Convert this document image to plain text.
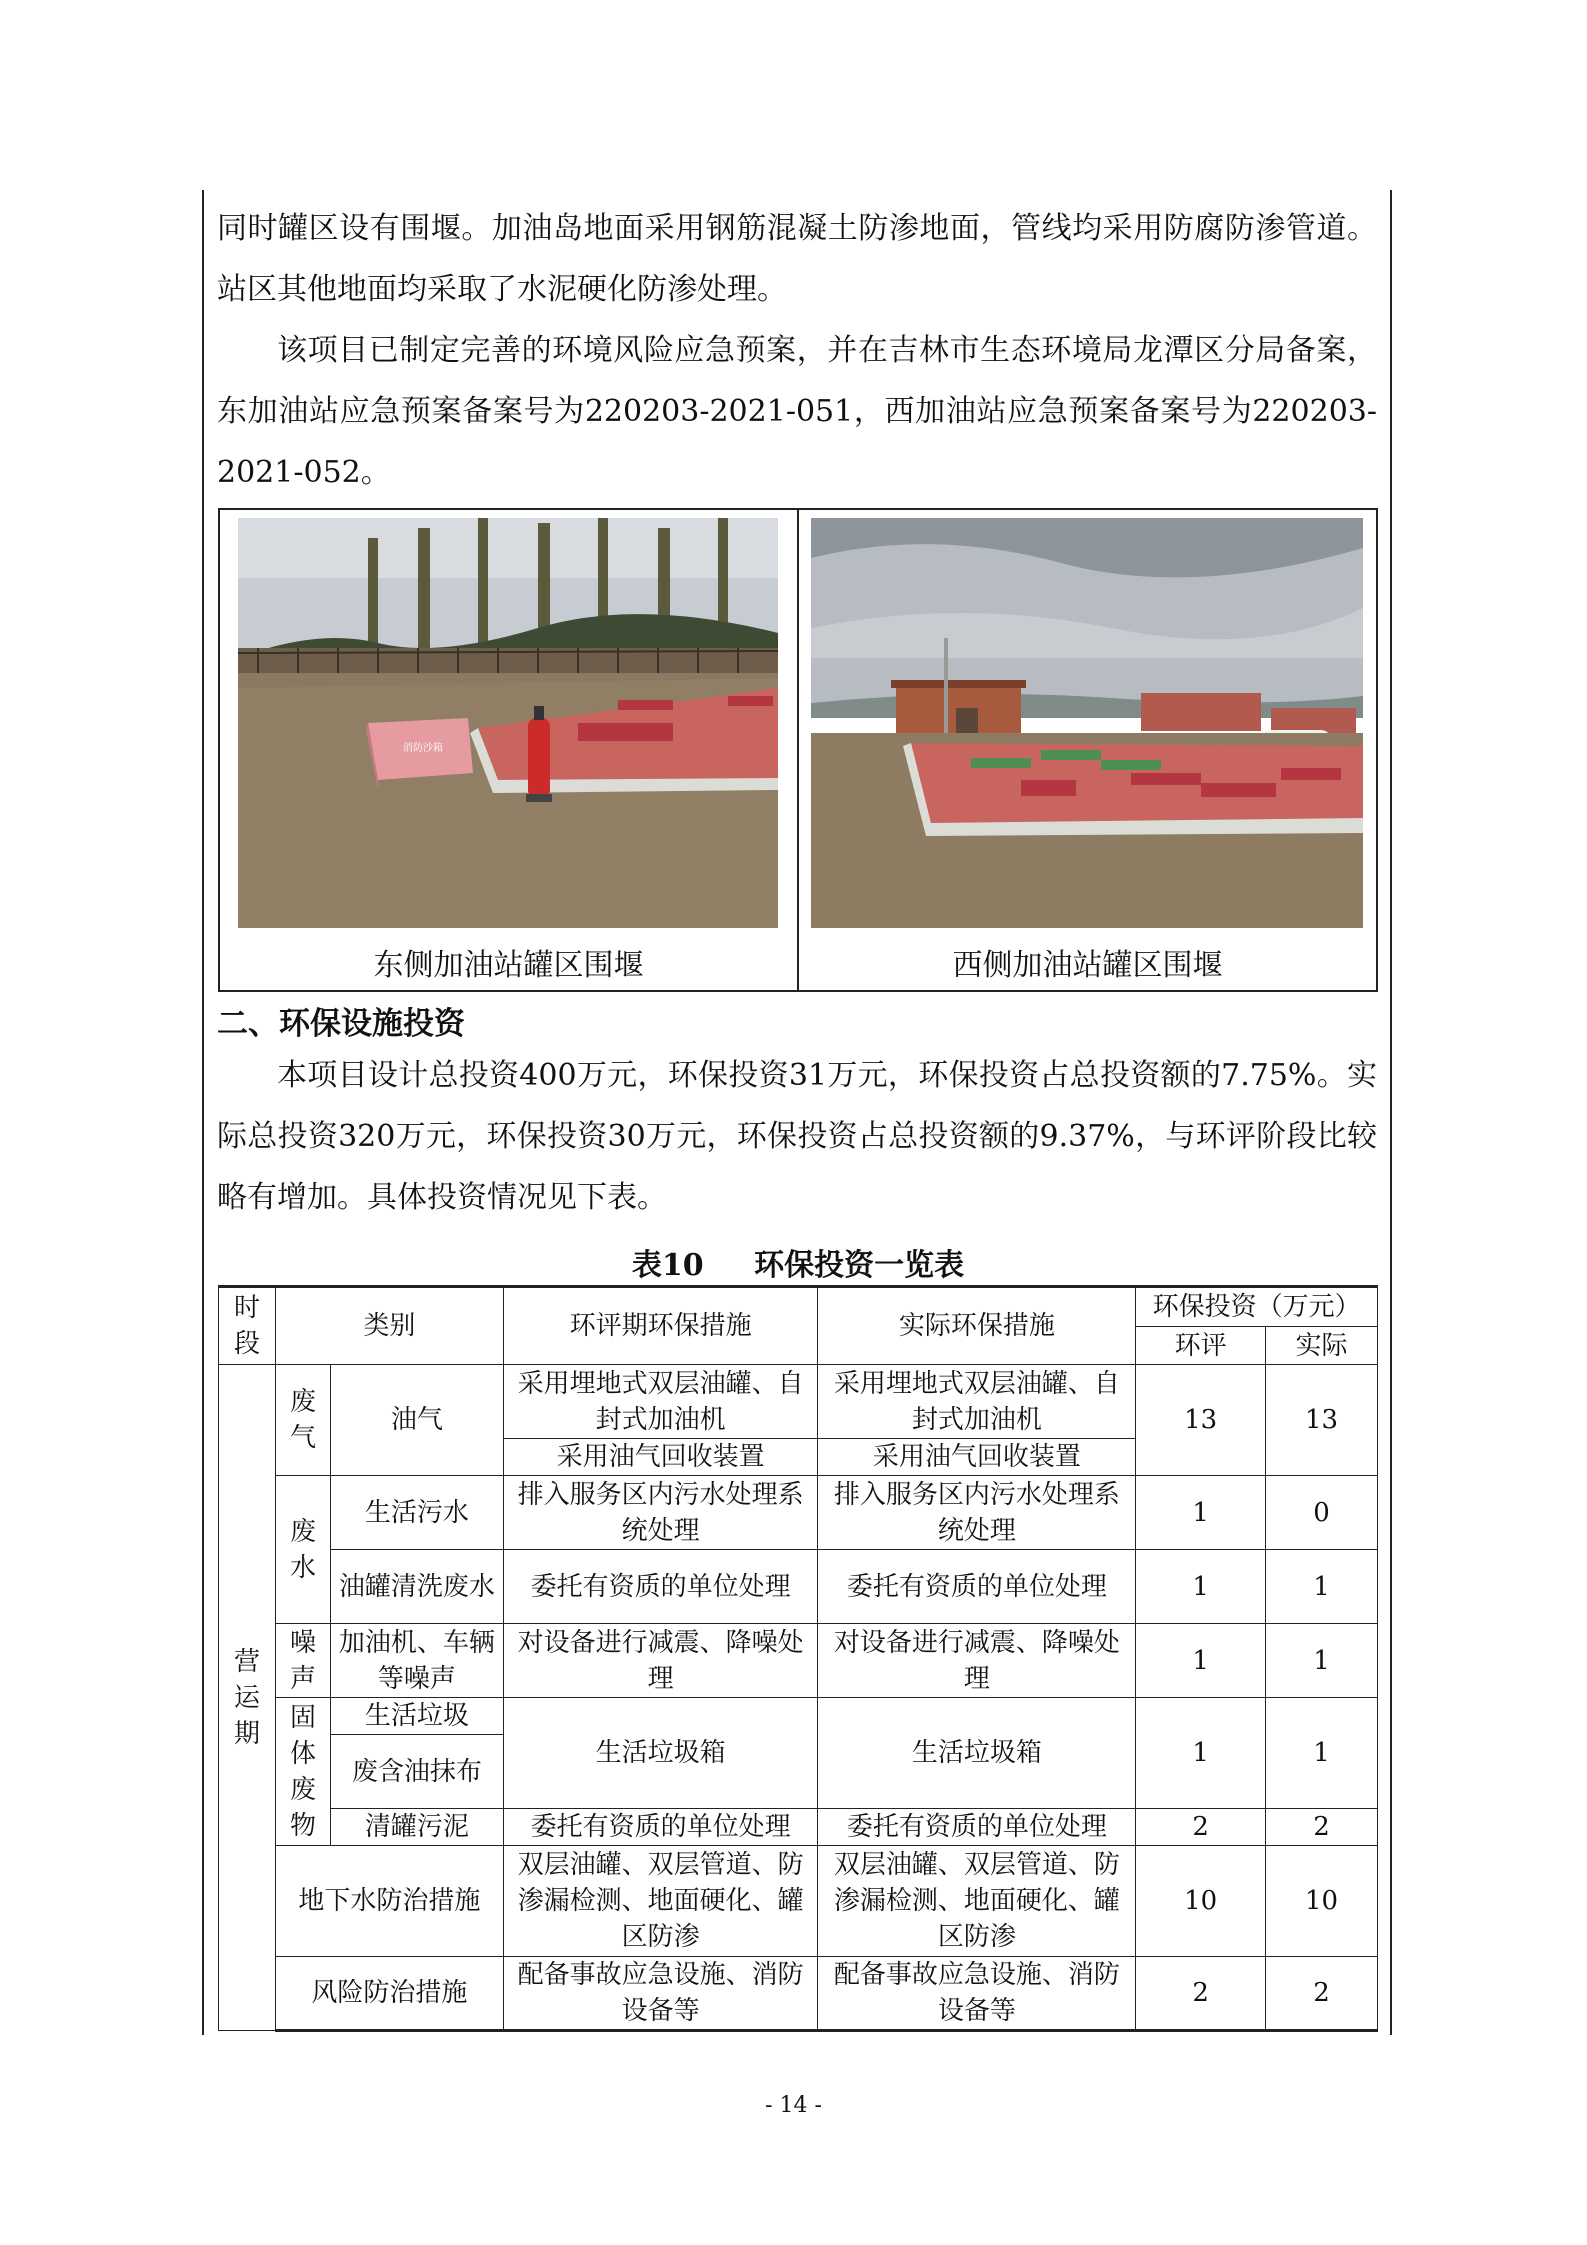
同时罐区设有围堰。加油岛地面采用钢筋混凝土防渗地面，管线均采用防腐防渗管道。站区其他地面均采取了水泥硬化防渗处理。

该项目已制定完善的环境风险应急预案，并在吉林市生态环境局龙潭区分局备案，东加油站应急预案备案号为220203-2021-051，西加油站应急预案备案号为220203-2021-052。

消防沙箱
东侧加油站罐区围堰	西侧加油站罐区围堰
二、环保设施投资

本项目设计总投资400万元，环保投资31万元，环保投资占总投资额的7.75%。实际总投资320万元，环保投资30万元，环保投资占总投资额的9.37%，与环评阶段比较略有增加。具体投资情况见下表。

表10 环保投资一览表
时段	类别		环评期环保措施	实际环保措施	环保投资（万元）	
					环评	实际
营运期	废气	油气	采用埋地式双层油罐、自封式加油机	采用埋地式双层油罐、自封式加油机	13	13
			采用油气回收装置	采用油气回收装置		
	废水	生活污水	排入服务区内污水处理系统处理	排入服务区内污水处理系统处理	1	0
		油罐清洗废水	委托有资质的单位处理	委托有资质的单位处理	1	1
	噪声	加油机、车辆等噪声	对设备进行减震、降噪处理	对设备进行减震、降噪处理	1	1
	固体废物	生活垃圾	生活垃圾箱	生活垃圾箱	1	1
		废含油抹布				
		清罐污泥	委托有资质的单位处理	委托有资质的单位处理	2	2
	地下水防治措施		双层油罐、双层管道、防渗漏检测、地面硬化、罐区防渗	双层油罐、双层管道、防渗漏检测、地面硬化、罐区防渗	10	10
	风险防治措施		配备事故应急设施、消防设备等	配备事故应急设施、消防设备等	2	2
- 14 -
